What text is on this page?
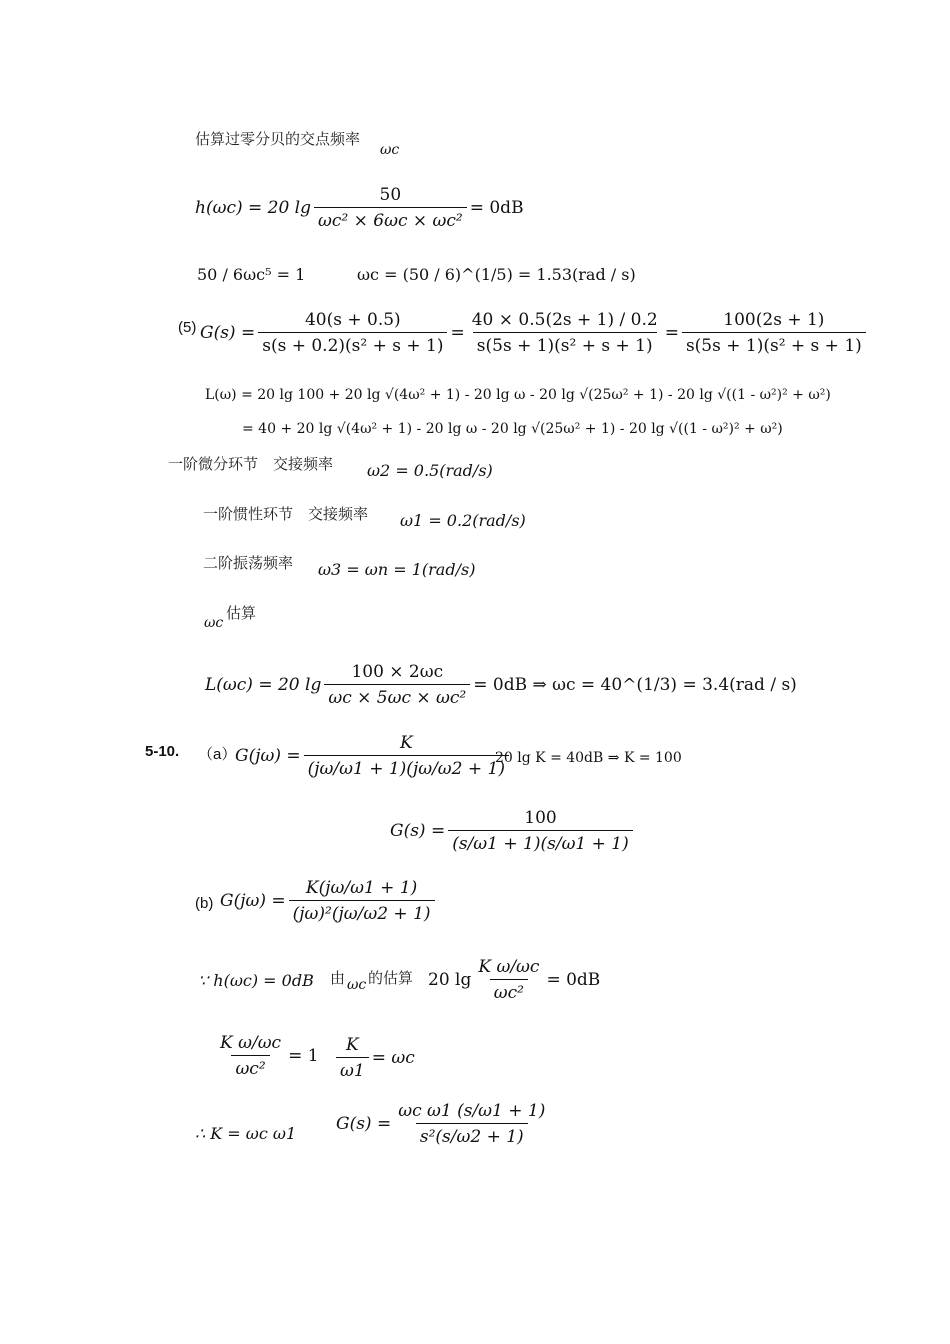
估算过零分贝的交点频率
ωc
h(ωc) = 20 $\lg \frac{50}{\text{ωc² × 6ωc × ωc²}} = 0dB$
50 / 6ωc⁵ = 1	ωc = (50 / 6)^(1/5) = 1.53(rad / s)
(5) $G(s) = \frac{40(s + 0.5)}{\text{s(s + 0.2)(s² + s + 1)}} = \frac{40 \times 0.5(2s + 1) / 0.2}{\text{s(5s + 1)(s² + s + 1)}} = \frac{100(2s + 1)}{\text{s(5s + 1)(s² + s + 1)}}$
L(ω) = 20 lg 100 + 20 lg √(4ω² + 1) - 20 lg ω - 20 lg √(25ω² + 1) - 20 lg √((1 - ω²)² + ω²)
= 40 + 20 lg √(4ω² + 1) - 20 lg ω - 20 lg √(25ω² + 1) - 20 lg √((1 - ω²)² + ω²)
一阶微分环节　交接频率 ω2 = 0.5(rad/s)
一阶惯性环节　交接频率 ω1 = 0.2(rad/s)
二阶振荡频率 ω3 = ωn = 1(rad/s)
ωc
估算
L(ωc) = 20 $\lg \frac{100 \times 2\omega c}{\text{ωc × 5ωc × ωc²}} = 0dB$ ⇒ ωc = 40^(1/3) = 3.4(rad / s)
5-10. （a）
$G(j\omega) = \frac{K}{(j\omega/\omega 1 + 1)(j\omega/\omega 2 + 1)}$
20 lg K = 40dB ⇒ K = 100
$G(s) = \frac{100}{(s/\omega 1 + 1)(s/\omega 1 + 1)}$
(b) $G(j\omega) = \frac{K(j\omega/\omega 1 + 1)}{\text{(jω)²(jω/ω2 + 1)}}$
∵ h(ωc) = 0dB 由 ωc 的估算 20 $\lg \frac{\text{K ω/ωc}}{\text{ωc²}} = 0dB$
$\frac{\text{K ω/ωc}}{\text{ωc²}} = 1 \frac{K}{\omega 1} = \omega c$
∴ K = ωc ω1 $G(s) = \frac{\text{ωc ω1 (s/ω1 + 1)}}{\text{s²(s/ω2 + 1)}}$
